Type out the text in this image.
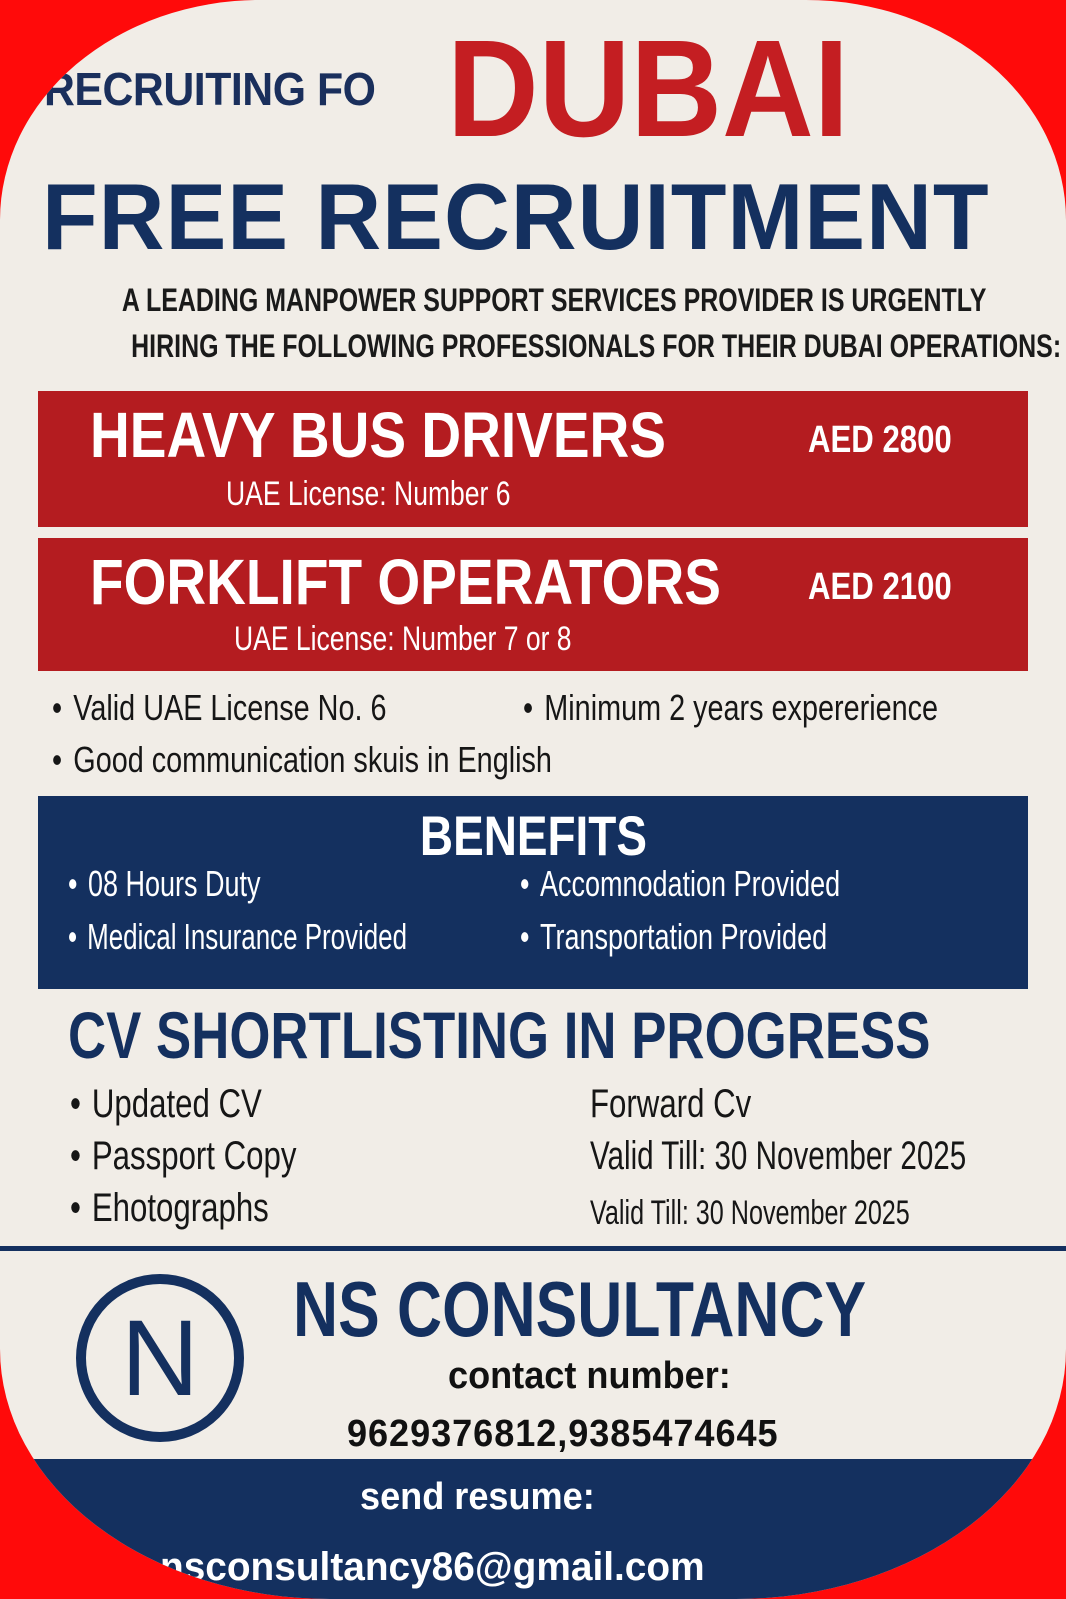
RECRUITING FO DUBAI
FREE RECRUITMENT
A LEADING MANPOWER SUPPORT SERVICES PROVIDER IS URGENTLY
HIRING THE FOLLOWING PROFESSIONALS FOR THEIR DUBAI OPERATIONS:
HEAVY BUS DRIVERS	AED 2800
UAE License: Number 6
FORKLIFT OPERATORS	AED 2100
UAE License: Number 7 or 8
• Valid UAE License No. 6	• Minimum 2 years expererience
• Good communication skuis in English
BENEFITS
• 08 Hours Duty	• Accomnodation Provided
• Medical Insurance Provided	• Transportation Provided
CV SHORTLISTING IN PROGRESS
• Updated CV
• Passport Copy
• Ehotographs
Forward Cv
Valid Till: 30 November 2025
Valid Till: 30 November 2025
N NS CONSULTANCY
contact number:
9629376812,9385474645
send resume:
nsconsultancy86@gmail.com
